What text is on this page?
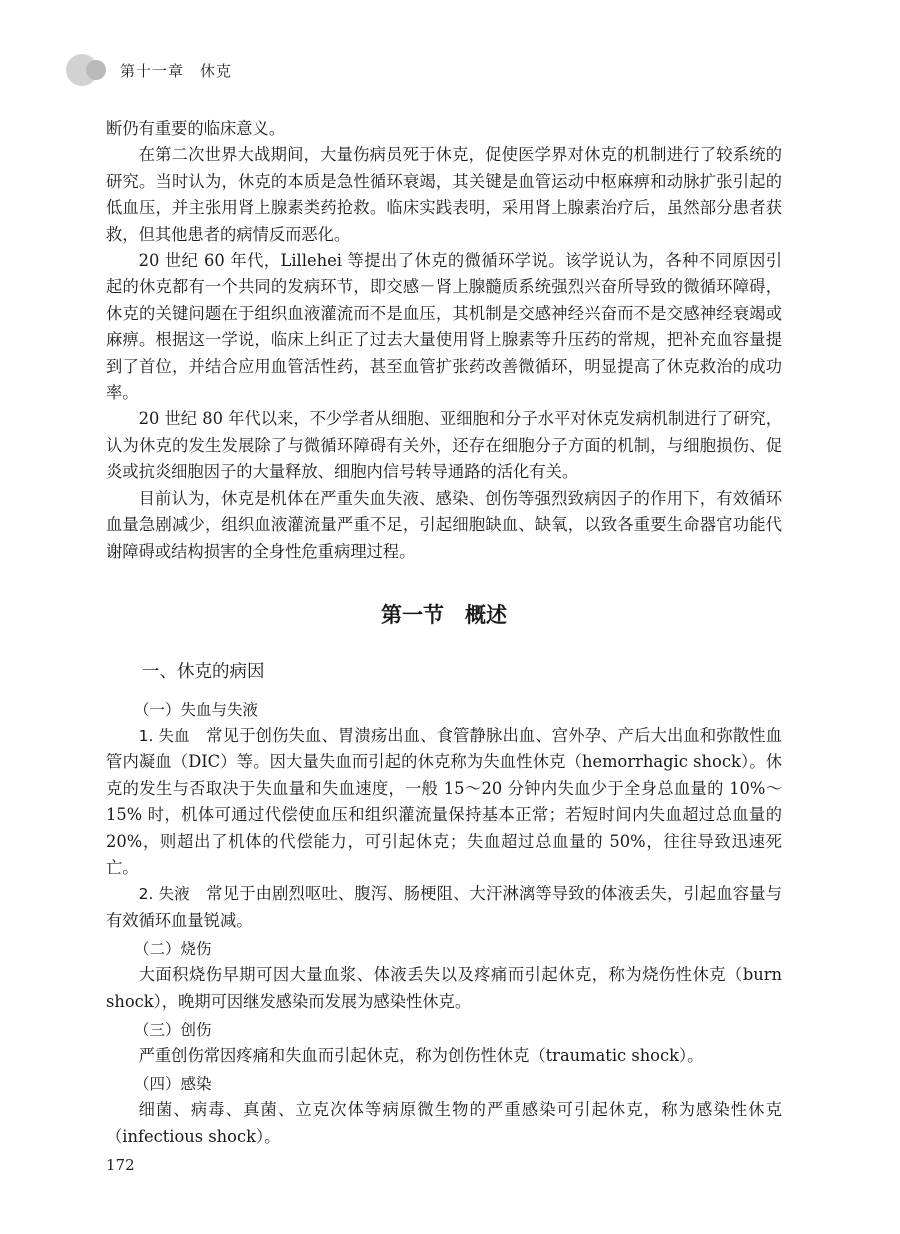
第十一章　休克

断仍有重要的临床意义。

在第二次世界大战期间，大量伤病员死于休克，促使医学界对休克的机制进行了较系统的研究。当时认为，休克的本质是急性循环衰竭，其关键是血管运动中枢麻痹和动脉扩张引起的低血压，并主张用肾上腺素类药抢救。临床实践表明，采用肾上腺素治疗后，虽然部分患者获救，但其他患者的病情反而恶化。

20 世纪 60 年代，Lillehei 等提出了休克的微循环学说。该学说认为，各种不同原因引起的休克都有一个共同的发病环节，即交感－肾上腺髓质系统强烈兴奋所导致的微循环障碍，休克的关键问题在于组织血液灌流而不是血压，其机制是交感神经兴奋而不是交感神经衰竭或麻痹。根据这一学说，临床上纠正了过去大量使用肾上腺素等升压药的常规，把补充血容量提到了首位，并结合应用血管活性药，甚至血管扩张药改善微循环，明显提高了休克救治的成功率。

20 世纪 80 年代以来，不少学者从细胞、亚细胞和分子水平对休克发病机制进行了研究，认为休克的发生发展除了与微循环障碍有关外，还存在细胞分子方面的机制，与细胞损伤、促炎或抗炎细胞因子的大量释放、细胞内信号转导通路的活化有关。

目前认为，休克是机体在严重失血失液、感染、创伤等强烈致病因子的作用下，有效循环血量急剧减少，组织血液灌流量严重不足，引起细胞缺血、缺氧，以致各重要生命器官功能代谢障碍或结构损害的全身性危重病理过程。

第一节　概述
一、休克的病因
（一）失血与失液

1. 失血　常见于创伤失血、胃溃疡出血、食管静脉出血、宫外孕、产后大出血和弥散性血管内凝血（DIC）等。因大量失血而引起的休克称为失血性休克（hemorrhagic shock）。休克的发生与否取决于失血量和失血速度，一般 15～20 分钟内失血少于全身总血量的 10%～15% 时，机体可通过代偿使血压和组织灌流量保持基本正常；若短时间内失血超过总血量的 20%，则超出了机体的代偿能力，可引起休克；失血超过总血量的 50%，往往导致迅速死亡。

2. 失液　常见于由剧烈呕吐、腹泻、肠梗阻、大汗淋漓等导致的体液丢失，引起血容量与有效循环血量锐减。

（二）烧伤

大面积烧伤早期可因大量血浆、体液丢失以及疼痛而引起休克，称为烧伤性休克（burn shock），晚期可因继发感染而发展为感染性休克。

（三）创伤

严重创伤常因疼痛和失血而引起休克，称为创伤性休克（traumatic shock）。

（四）感染

细菌、病毒、真菌、立克次体等病原微生物的严重感染可引起休克，称为感染性休克（infectious shock）。

172
